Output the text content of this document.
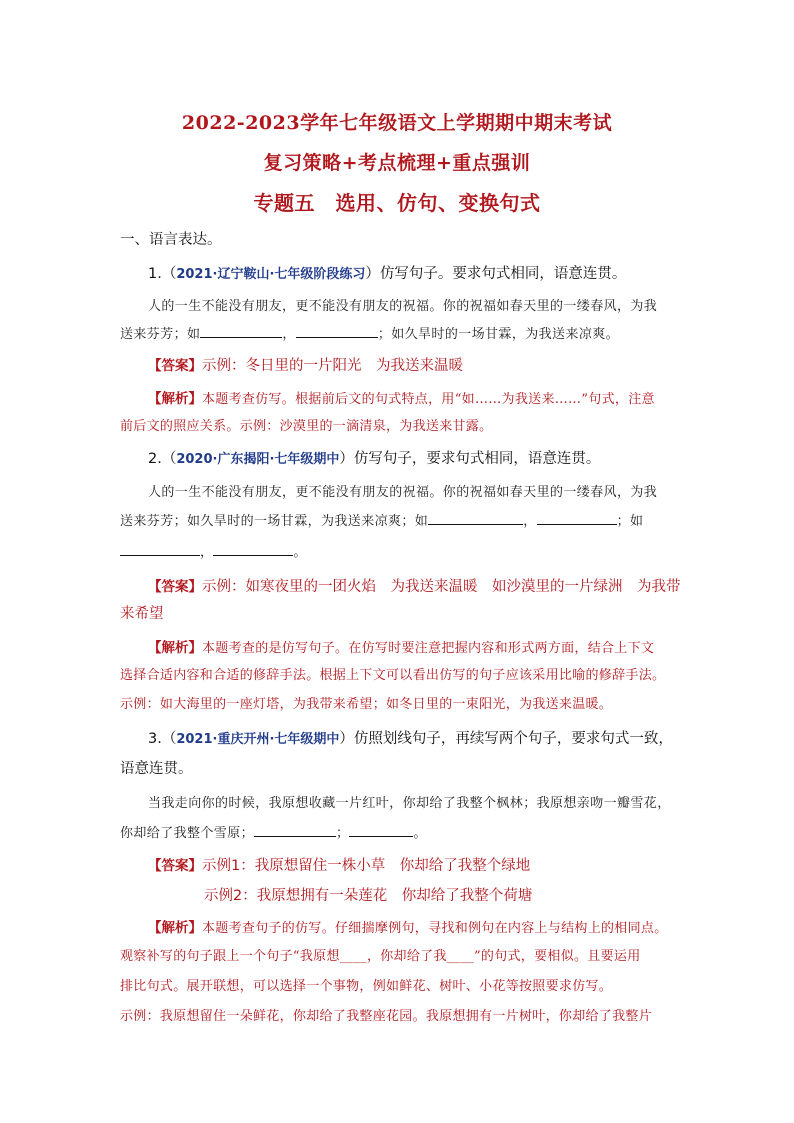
2022-2023学年七年级语文上学期期中期末考试
复习策略+考点梳理+重点强训
专题五　选用、仿句、变换句式
一、语言表达。
1.（2021·辽宁鞍山·七年级阶段练习）仿写句子。要求句式相同，语意连贯。
人的一生不能没有朋友，更不能没有朋友的祝福。你的祝福如春天里的一缕春风，为我
送来芬芳；如	，	；如久旱时的一场甘霖，为我送来凉爽。
【答案】示例：冬日里的一片阳光　为我送来温暖
【解析】本题考查仿写。根据前后文的句式特点，用“如……为我送来……”句式，注意
前后文的照应关系。示例：沙漠里的一滴清泉，为我送来甘露。
2.（2020·广东揭阳·七年级期中）仿写句子，要求句式相同，语意连贯。
人的一生不能没有朋友，更不能没有朋友的祝福。你的祝福如春天里的一缕春风，为我
送来芬芳；如久旱时的一场甘霖，为我送来凉爽；如	，	；如
，	。
【答案】示例：如寒夜里的一团火焰　为我送来温暖　如沙漠里的一片绿洲　为我带
来希望
【解析】本题考查的是仿写句子。在仿写时要注意把握内容和形式两方面，结合上下文
选择合适内容和合适的修辞手法。根据上下文可以看出仿写的句子应该采用比喻的修辞手法。
示例：如大海里的一座灯塔，为我带来希望；如冬日里的一束阳光，为我送来温暖。
3.（2021·重庆开州·七年级期中）仿照划线句子，再续写两个句子，要求句式一致，
语意连贯。
当我走向你的时候，我原想收藏一片红叶，你却给了我整个枫林；我原想亲吻一瓣雪花，
你却给了我整个雪原；	；	。
【答案】示例1：我原想留住一株小草　你却给了我整个绿地
示例2：我原想拥有一朵莲花　你却给了我整个荷塘
【解析】本题考查句子的仿写。仔细揣摩例句，寻找和例句在内容上与结构上的相同点。
观察补写的句子跟上一个句子“我原想____，你却给了我____”的句式，要相似。且要运用
排比句式。展开联想，可以选择一个事物，例如鲜花、树叶、小花等按照要求仿写。
示例：我原想留住一朵鲜花，你却给了我整座花园。我原想拥有一片树叶，你却给了我整片
